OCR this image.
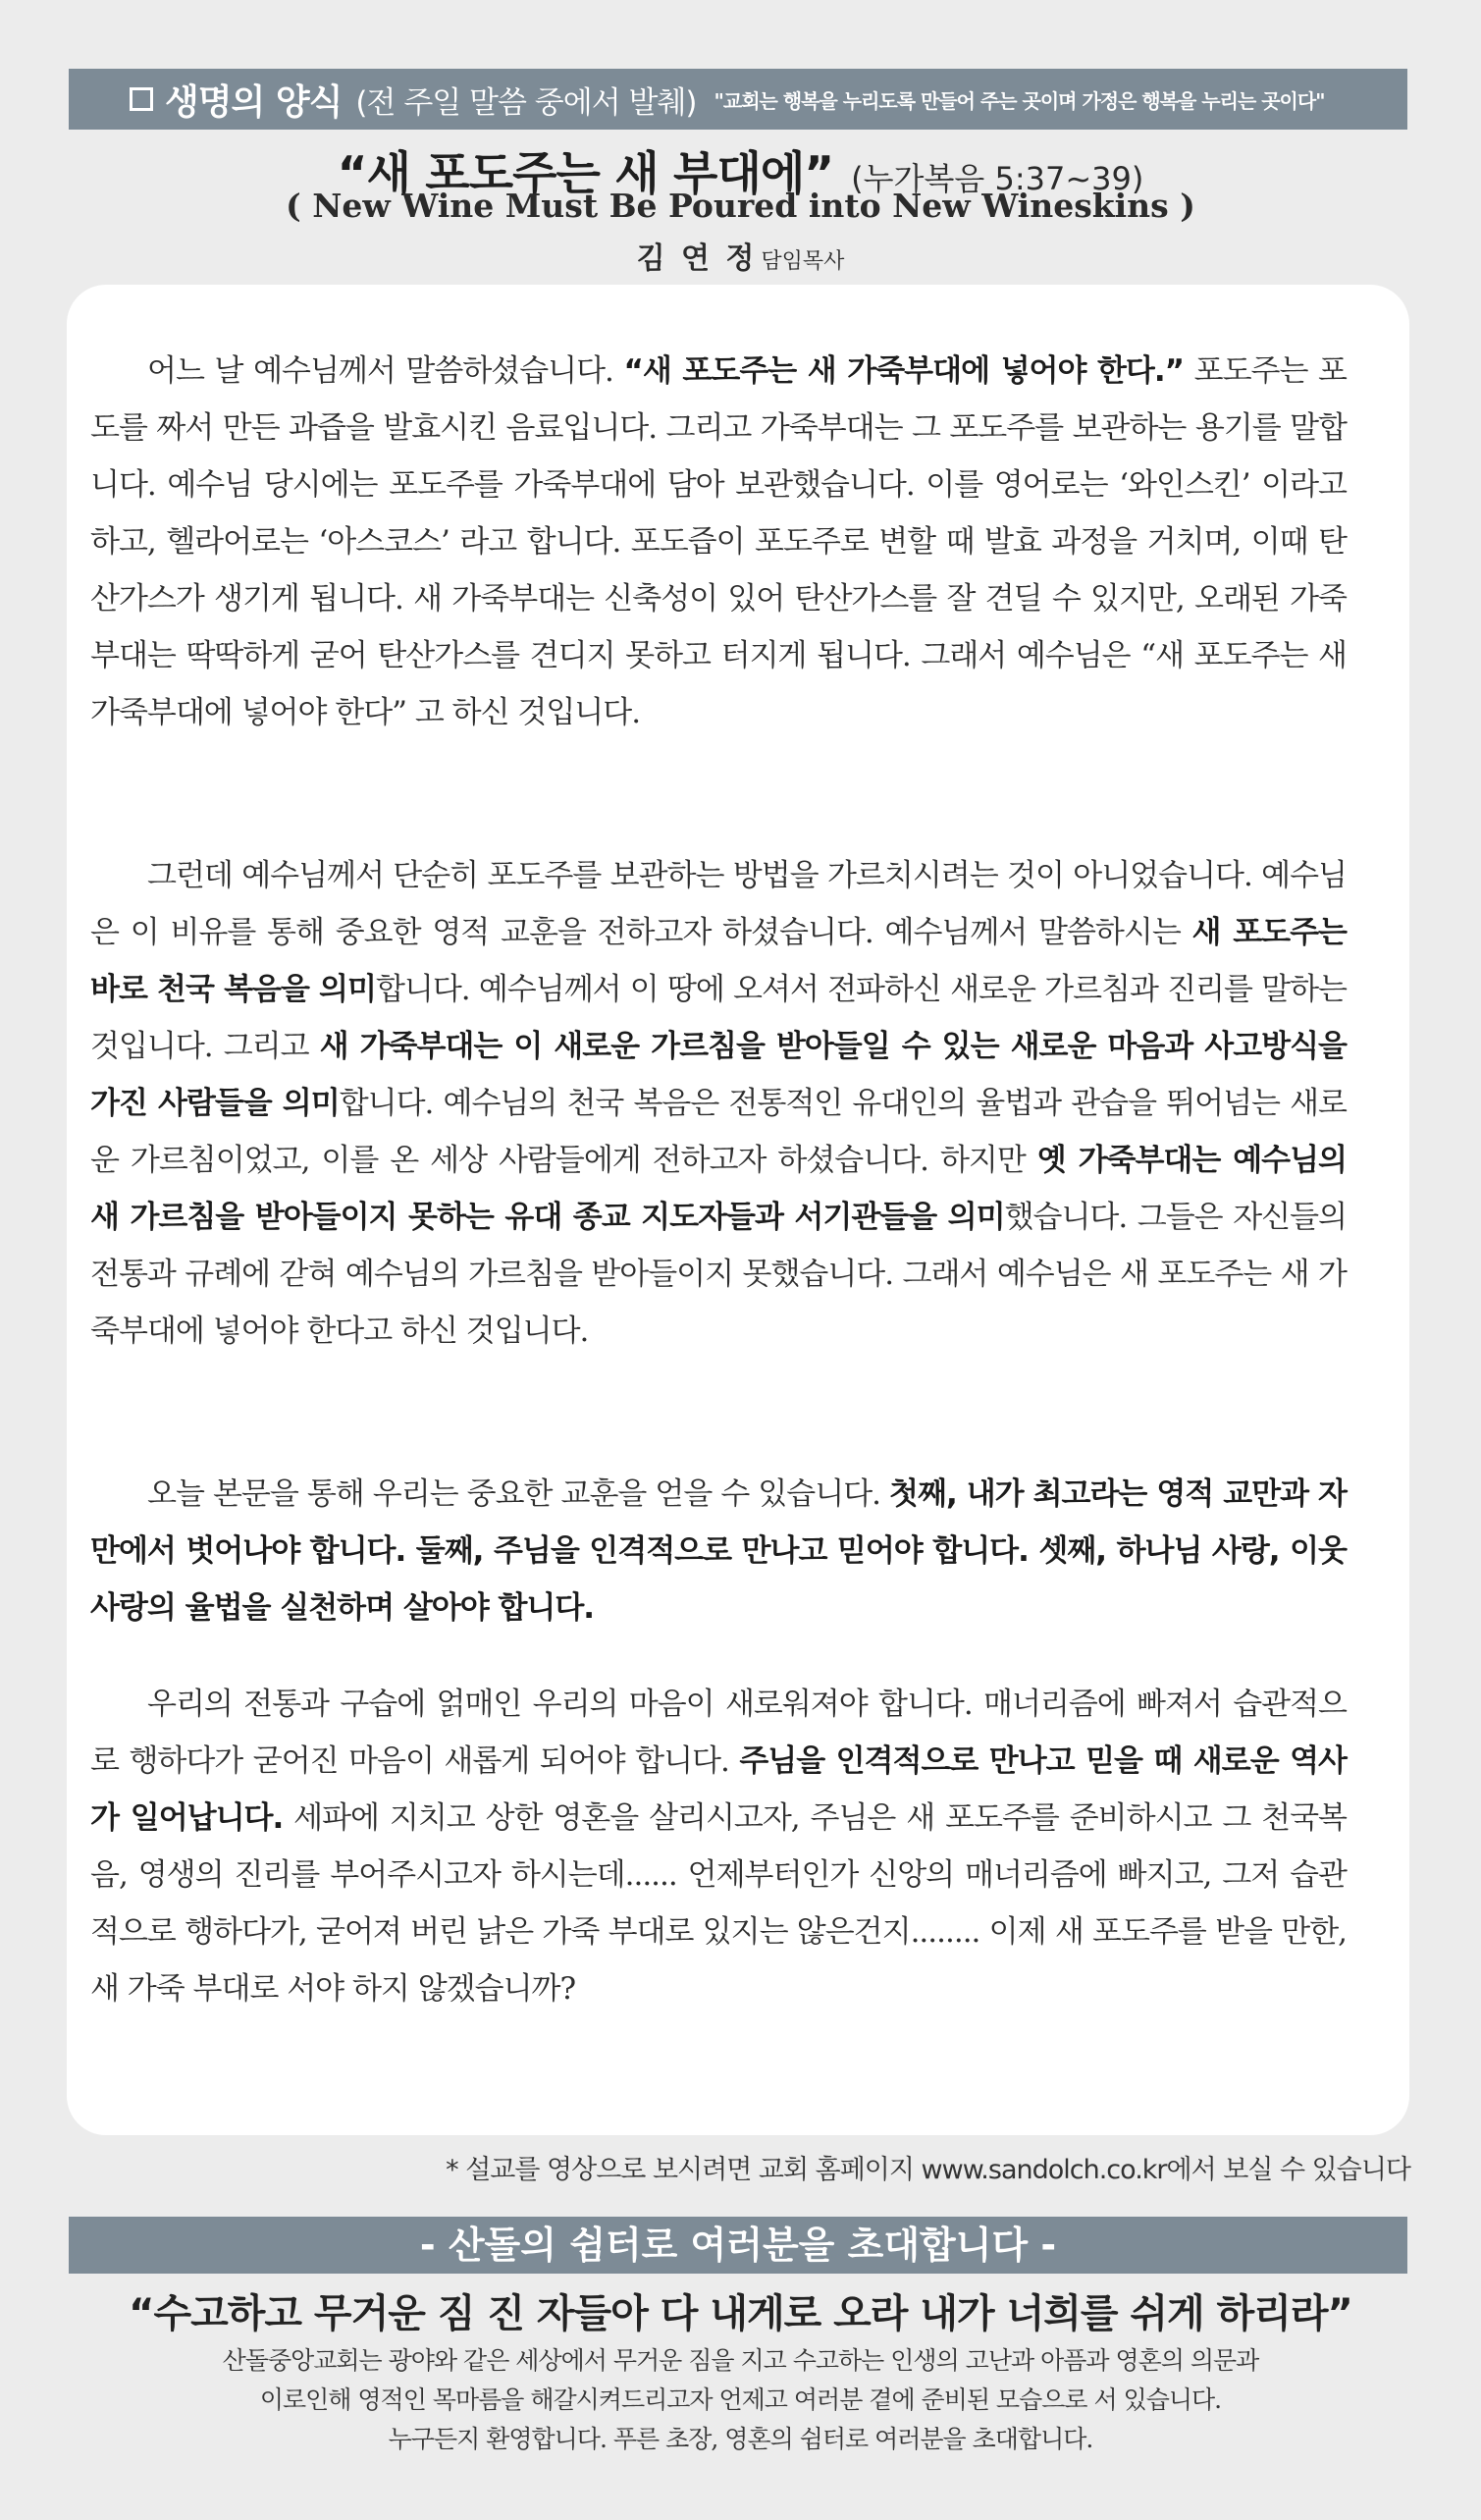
생명의 양식 (전 주일 말씀 중에서 발췌) "교회는 행복을 누리도록 만들어 주는 곳이며 가정은 행복을 누리는 곳이다"
“새 포도주는 새 부대에” (누가복음 5:37~39)
( New Wine Must Be Poured into New Wineskins )
김 연 정 담임목사

어느 날 예수님께서 말씀하셨습니다. “새 포도주는 새 가죽부대에 넣어야 한다.” 포도주는 포도를 짜서 만든 과즙을 발효시킨 음료입니다. 그리고 가죽부대는 그 포도주를 보관하는 용기를 말합니다. 예수님 당시에는 포도주를 가죽부대에 담아 보관했습니다. 이를 영어로는 ‘와인스킨’ 이라고 하고, 헬라어로는 ‘아스코스’ 라고 합니다. 포도즙이 포도주로 변할 때 발효 과정을 거치며, 이때 탄산가스가 생기게 됩니다. 새 가죽부대는 신축성이 있어 탄산가스를 잘 견딜 수 있지만, 오래된 가죽부대는 딱딱하게 굳어 탄산가스를 견디지 못하고 터지게 됩니다. 그래서 예수님은 “새 포도주는 새 가죽부대에 넣어야 한다” 고 하신 것입니다.

그런데 예수님께서 단순히 포도주를 보관하는 방법을 가르치시려는 것이 아니었습니다. 예수님은 이 비유를 통해 중요한 영적 교훈을 전하고자 하셨습니다. 예수님께서 말씀하시는 새 포도주는 바로 천국 복음을 의미합니다. 예수님께서 이 땅에 오셔서 전파하신 새로운 가르침과 진리를 말하는 것입니다. 그리고 새 가죽부대는 이 새로운 가르침을 받아들일 수 있는 새로운 마음과 사고방식을 가진 사람들을 의미합니다. 예수님의 천국 복음은 전통적인 유대인의 율법과 관습을 뛰어넘는 새로운 가르침이었고, 이를 온 세상 사람들에게 전하고자 하셨습니다. 하지만 옛 가죽부대는 예수님의 새 가르침을 받아들이지 못하는 유대 종교 지도자들과 서기관들을 의미했습니다. 그들은 자신들의 전통과 규례에 갇혀 예수님의 가르침을 받아들이지 못했습니다. 그래서 예수님은 새 포도주는 새 가죽부대에 넣어야 한다고 하신 것입니다.

오늘 본문을 통해 우리는 중요한 교훈을 얻을 수 있습니다. 첫째, 내가 최고라는 영적 교만과 자만에서 벗어나야 합니다. 둘째, 주님을 인격적으로 만나고 믿어야 합니다. 셋째, 하나님 사랑, 이웃사랑의 율법을 실천하며 살아야 합니다.

우리의 전통과 구습에 얽매인 우리의 마음이 새로워져야 합니다. 매너리즘에 빠져서 습관적으로 행하다가 굳어진 마음이 새롭게 되어야 합니다. 주님을 인격적으로 만나고 믿을 때 새로운 역사가 일어납니다. 세파에 지치고 상한 영혼을 살리시고자, 주님은 새 포도주를 준비하시고 그 천국복음, 영생의 진리를 부어주시고자 하시는데...... 언제부터인가 신앙의 매너리즘에 빠지고, 그저 습관적으로 행하다가, 굳어져 버린 낡은 가죽 부대로 있지는 않은건지........ 이제 새 포도주를 받을 만한, 새 가죽 부대로 서야 하지 않겠습니까?

* 설교를 영상으로 보시려면 교회 홈페이지 www.sandolch.co.kr에서 보실 수 있습니다
- 산돌의 쉼터로 여러분을 초대합니다 -
“수고하고 무거운 짐 진 자들아 다 내게로 오라 내가 너희를 쉬게 하리라”
산돌중앙교회는 광야와 같은 세상에서 무거운 짐을 지고 수고하는 인생의 고난과 아픔과 영혼의 의문과
이로인해 영적인 목마름을 해갈시켜드리고자 언제고 여러분 곁에 준비된 모습으로 서 있습니다.
누구든지 환영합니다. 푸른 초장, 영혼의 쉼터로 여러분을 초대합니다.
